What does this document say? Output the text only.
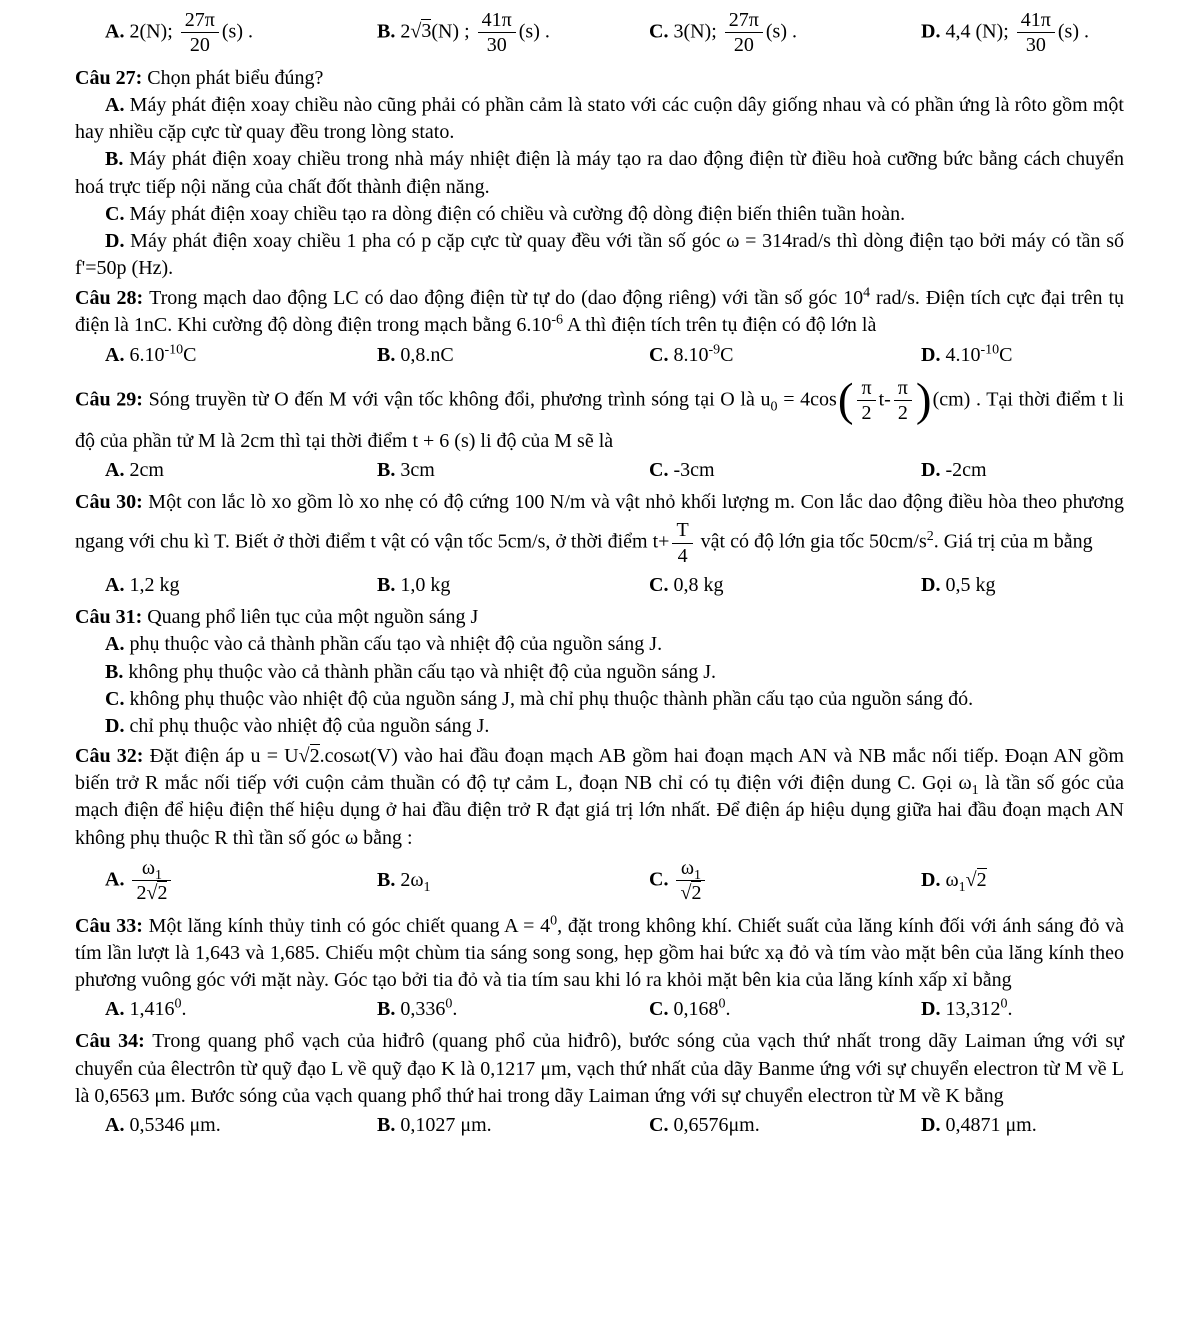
A. 2(N); $\frac{27\pi}{20} (s)$ .	B. 2√3(N) ; $\frac{41\pi}{30} (s)$ .	C. 3(N); $\frac{27\pi}{20} (s)$ .	D. 4,4 (N); $\frac{41\pi}{30} (s)$ .

Câu 27: Chọn phát biểu đúng?

A. Máy phát điện xoay chiều nào cũng phải có phần cảm là stato với các cuộn dây giống nhau và có phần ứng là rôto gồm một hay nhiều cặp cực từ quay đều trong lòng stato.

B. Máy phát điện xoay chiều trong nhà máy nhiệt điện là máy tạo ra dao động điện từ điều hoà cưỡng bức bằng cách chuyển hoá trực tiếp nội năng của chất đốt thành điện năng.

C. Máy phát điện xoay chiều tạo ra dòng điện có chiều và cường độ dòng điện biến thiên tuần hoàn.

D. Máy phát điện xoay chiều 1 pha có p cặp cực từ quay đều với tần số góc ω = 314rad/s thì dòng điện tạo bởi máy có tần số f'=50p (Hz).

Câu 28: Trong mạch dao động LC có dao động điện từ tự do (dao động riêng) với tần số góc $10^4$ rad/s. Điện tích cực đại trên tụ điện là 1nC. Khi cường độ dòng điện trong mạch bằng $6.10^{-6}$ A thì điện tích trên tụ điện có độ lớn là

A. $6.10^{-10}C$	B. 0,8.nC	C. $8.10^{-9}C$	D. $4.10^{-10}C$

Câu 29: Sóng truyền từ O đến M với vận tốc không đổi, phương trình sóng tại O là $u_0 = 4\cos( \frac{\pi}{2} t- \frac{\pi}{2} )(cm)$ . Tại thời điểm t li độ của phần tử M là 2cm thì tại thời điểm t + 6 (s) li độ của M sẽ là

A. 2cm	B. 3cm	C. -3cm	D. -2cm

Câu 30: Một con lắc lò xo gồm lò xo nhẹ có độ cứng 100 N/m và vật nhỏ khối lượng m. Con lắc dao động điều hòa theo phương ngang với chu kì T. Biết ở thời điểm t vật có vận tốc 5cm/s, ở thời điểm $t+ \frac{T}{4}$ vật có độ lớn gia tốc $50cm/s^2$. Giá trị của m bằng

A. 1,2 kg	B. 1,0 kg	C. 0,8 kg	D. 0,5 kg

Câu 31: Quang phổ liên tục của một nguồn sáng J

A. phụ thuộc vào cả thành phần cấu tạo và nhiệt độ của nguồn sáng J.

B. không phụ thuộc vào cả thành phần cấu tạo và nhiệt độ của nguồn sáng J.

C. không phụ thuộc vào nhiệt độ của nguồn sáng J, mà chỉ phụ thuộc thành phần cấu tạo của nguồn sáng đó.

D. chỉ phụ thuộc vào nhiệt độ của nguồn sáng J.

Câu 32: Đặt điện áp u = U√2.cosωt(V) vào hai đầu đoạn mạch AB gồm hai đoạn mạch AN và NB mắc nối tiếp. Đoạn AN gồm biến trở R mắc nối tiếp với cuộn cảm thuần có độ tự cảm L, đoạn NB chỉ có tụ điện với điện dung C. Gọi $\omega_1$ là tần số góc của mạch điện để hiệu điện thế hiệu dụng ở hai đầu điện trở R đạt giá trị lớn nhất. Để điện áp hiệu dụng giữa hai đầu đoạn mạch AN không phụ thuộc R thì tần số góc ω bằng :

A. $\frac{\omega_1}{2√2}$	B. $2\omega_1$	C. $\frac{\omega_1}{√2}$	D. $\omega_1√2$

Câu 33: Một lăng kính thủy tinh có góc chiết quang $A = 4^0$, đặt trong không khí. Chiết suất của lăng kính đối với ánh sáng đỏ và tím lần lượt là 1,643 và 1,685. Chiếu một chùm tia sáng song song, hẹp gồm hai bức xạ đỏ và tím vào mặt bên của lăng kính theo phương vuông góc với mặt này. Góc tạo bởi tia đỏ và tia tím sau khi ló ra khỏi mặt bên kia của lăng kính xấp xỉ bằng

A. 1,416$^0$.	B. 0,336$^0$.	C. 0,168$^0$.	D. 13,312$^0$.

Câu 34: Trong quang phổ vạch của hiđrô (quang phổ của hiđrô), bước sóng của vạch thứ nhất trong dãy Laiman ứng với sự chuyển của êlectrôn từ quỹ đạo L về quỹ đạo K là 0,1217 μm, vạch thứ nhất của dãy Banme ứng với sự chuyển electron từ M về L là 0,6563 μm. Bước sóng của vạch quang phổ thứ hai trong dãy Laiman ứng với sự chuyển electron từ M về K bằng

A. 0,5346 μm.	B. 0,1027 μm.	C. 0,6576μm.	D. 0,4871 μm.
